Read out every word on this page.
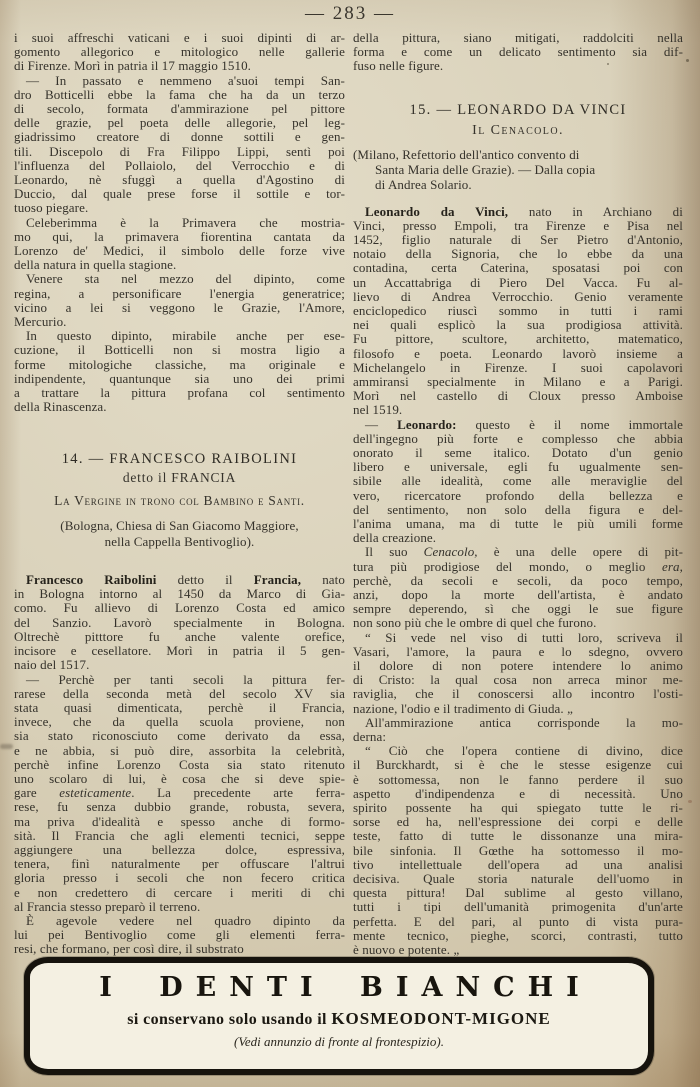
— 283 —
i suoi affreschi vaticani e i suoi dipinti di ar-
gomento allegorico e mitologico nelle gallerie
di Firenze. Morì in patria il 17 maggio 1510.
— In passato e nemmeno a'suoi tempi San-
dro Botticelli ebbe la fama che ha da un terzo
di secolo, formata d'ammirazione pel pittore
delle grazie, pel poeta delle allegorie, pel leg-
giadrissimo creatore di donne sottili e gen-
tili. Discepolo di Fra Filippo Lippi, sentì poi
l'influenza del Pollaiolo, del Verrocchio e di
Leonardo, nè sfuggì a quella d'Agostino di
Duccio, dal quale prese forse il sottile e tor-
tuoso piegare.
Celeberimma è la Primavera che mostria-
mo qui, la primavera fiorentina cantata da
Lorenzo de' Medici, il simbolo delle forze vive
della natura in quella stagione.
Venere sta nel mezzo del dipinto, come
regina, a personificare l'energia generatrice;
vicino a lei si veggono le Grazie, l'Amore,
Mercurio.
In questo dipinto, mirabile anche per ese-
cuzione, il Botticelli non si mostra ligio a
forme mitologiche classiche, ma originale e
indipendente, quantunque sia uno dei primi
a trattare la pittura profana col sentimento
della Rinascenza.
14. — FRANCESCO RAIBOLINI
detto il FRANCIA
La Vergine in trono col Bambino e Santi.
(Bologna, Chiesa di San Giacomo Maggiore,
nella Cappella Bentivoglio).
Francesco Raibolini detto il Francia, nato
in Bologna intorno al 1450 da Marco di Gia-
como. Fu allievo di Lorenzo Costa ed amico
del Sanzio. Lavorò specialmente in Bologna.
Oltrechè pitttore fu anche valente orefice,
incisore e cesellatore. Morì in patria il 5 gen-
naio del 1517.
— Perchè per tanti secoli la pittura fer-
rarese della seconda metà del secolo XV sia
stata quasi dimenticata, perchè il Francia,
invece, che da quella scuola proviene, non
sia stato riconosciuto come derivato da essa,
e ne abbia, si può dire, assorbita la celebrità,
perchè infine Lorenzo Costa sia stato ritenuto
uno scolaro di lui, è cosa che si deve spie-
gare esteticamente. La precedente arte ferra-
rese, fu senza dubbio grande, robusta, severa,
ma priva d'idealità e spesso anche di formo-
sità. Il Francia che agli elementi tecnici, seppe
aggiungere una bellezza dolce, espressiva,
tenera, finì naturalmente per offuscare l'altrui
gloria presso i secoli che non fecero critica
e non credettero di cercare i meriti di chi
al Francia stesso preparò il terreno.
È agevole vedere nel quadro dipinto da
lui pei Bentivoglio come gli elementi ferra-
resi, che formano, per così dire, il substrato
della pittura, siano mitigati, raddolciti nella
forma e come un delicato sentimento sia dif-
fuso nelle figure.
15. — LEONARDO DA VINCI
Il Cenacolo.
(Milano, Refettorio dell'antico convento di
Santa Maria delle Grazie). — Dalla copia
di Andrea Solario.
Leonardo da Vinci, nato in Archiano di
Vinci, presso Empoli, tra Firenze e Pisa nel
1452, figlio naturale di Ser Pietro d'Antonio,
notaio della Signoria, che lo ebbe da una
contadina, certa Caterina, sposatasi poi con
un Accattabriga di Piero Del Vacca. Fu al-
lievo di Andrea Verrocchio. Genio veramente
enciclopedico riuscì sommo in tutti i rami
nei quali esplicò la sua prodigiosa attività.
Fu pittore, scultore, architetto, matematico,
filosofo e poeta. Leonardo lavorò insieme a
Michelangelo in Firenze. I suoi capolavori
ammiransi specialmente in Milano e a Parigi.
Morì nel castello di Cloux presso Amboise
nel 1519.
— Leonardo: questo è il nome immortale
dell'ingegno più forte e complesso che abbia
onorato il seme italico. Dotato d'un genio
libero e universale, egli fu ugualmente sen-
sibile alle idealità, come alle meraviglie del
vero, ricercatore profondo della bellezza e
del sentimento, non solo della figura e del-
l'anima umana, ma di tutte le più umili forme
della creazione.
Il suo Cenacolo, è una delle opere di pit-
tura più prodigiose del mondo, o meglio era,
perchè, da secoli e secoli, da poco tempo,
anzi, dopo la morte dell'artista, è andato
sempre deperendo, sì che oggi le sue figure
non sono più che le ombre di quel che furono.
“ Si vede nel viso di tutti loro, scriveva il
Vasari, l'amore, la paura e lo sdegno, ovvero
il dolore di non potere intendere lo animo
di Cristo: la qual cosa non arreca minor me-
raviglia, che il conoscersi allo incontro l'osti-
nazione, l'odio e il tradimento di Giuda. „
All'ammirazione antica corrisponde la mo-
derna:
“ Ciò che l'opera contiene di divino, dice
il Burckhardt, si è che le stesse esigenze cui
è sottomessa, non le fanno perdere il suo
aspetto d'indipendenza e di necessità. Uno
spirito possente ha qui spiegato tutte le ri-
sorse ed ha, nell'espressione dei corpi e delle
teste, fatto di tutte le dissonanze una mira-
bile sinfonia. Il Gœthe ha sottomesso il mo-
tivo intellettuale dell'opera ad una analisi
decisiva. Quale storia naturale dell'uomo in
questa pittura! Dal sublime al gesto villano,
tutti i tipi dell'umanità primogenita d'un'arte
perfetta. E del pari, al punto di vista pura-
mente tecnico, pieghe, scorci, contrasti, tutto
è nuovo e potente. „
I DENTI BIANCHI
si conservano solo usando il KOSMEODONT-MIGONE
(Vedi annunzio di fronte al frontespizio).
